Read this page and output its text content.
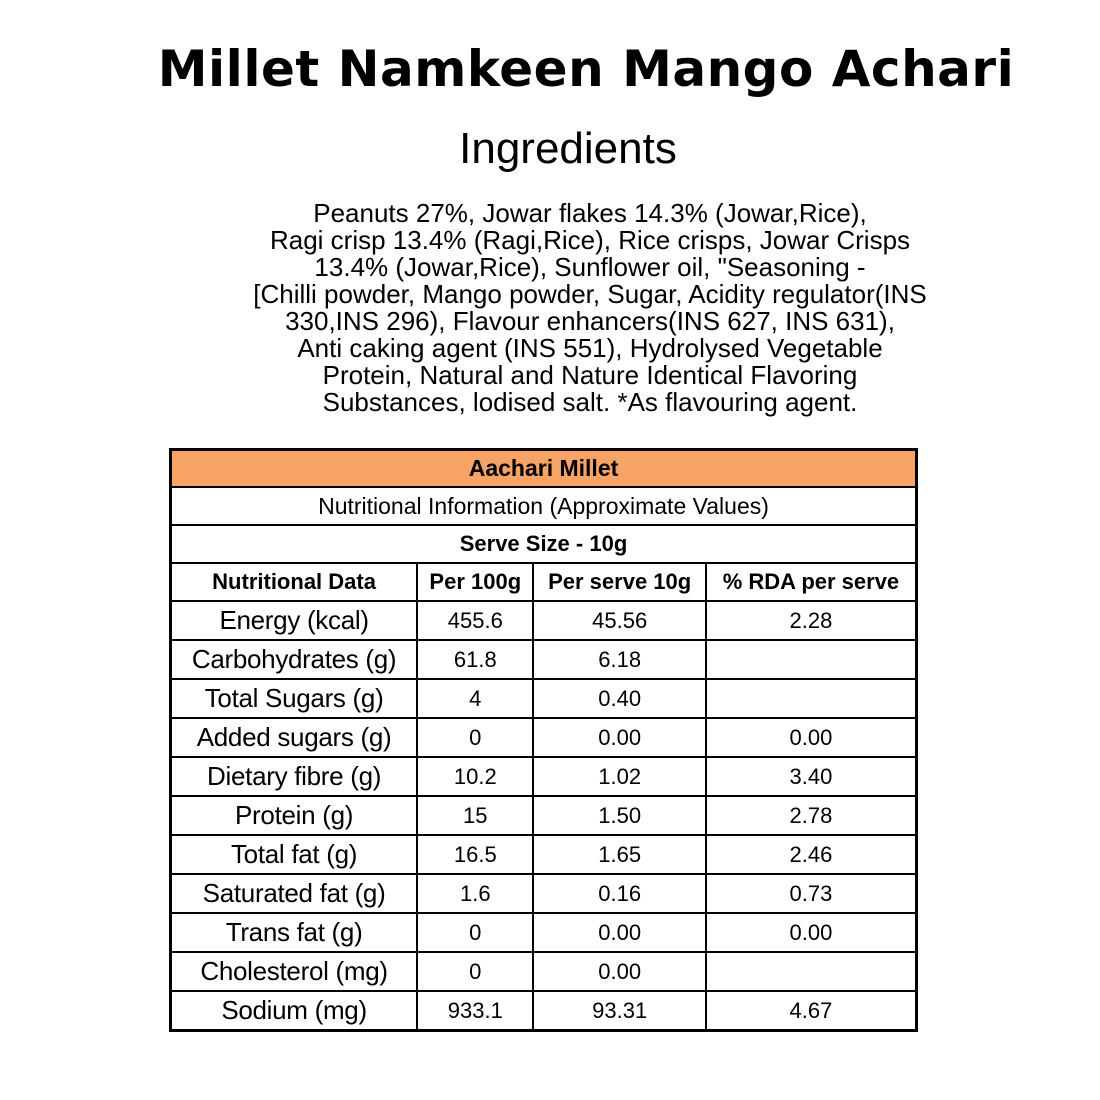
Millet Namkeen Mango Achari
Ingredients
Peanuts 27%, Jowar flakes 14.3% (Jowar,Rice),
Ragi crisp 13.4% (Ragi,Rice), Rice crisps, Jowar Crisps
13.4% (Jowar,Rice), Sunflower oil, "Seasoning -
[Chilli powder, Mango powder, Sugar, Acidity regulator(INS
330,INS 296), Flavour enhancers(INS 627, INS 631),
Anti caking agent (INS 551), Hydrolysed Vegetable
Protein, Natural and Nature Identical Flavoring
Substances, lodised salt. *As flavouring agent.
Aachari Millet			
Nutritional Information (Approximate Values)			
Serve Size - 10g			
Nutritional Data	Per 100g	Per serve 10g	% RDA per serve
Energy (kcal)	455.6	45.56	2.28
Carbohydrates (g)	61.8	6.18	
Total Sugars (g)	4	0.40	
Added sugars (g)	0	0.00	0.00
Dietary fibre (g)	10.2	1.02	3.40
Protein (g)	15	1.50	2.78
Total fat (g)	16.5	1.65	2.46
Saturated fat (g)	1.6	0.16	0.73
Trans fat (g)	0	0.00	0.00
Cholesterol (mg)	0	0.00	
Sodium (mg)	933.1	93.31	4.67
